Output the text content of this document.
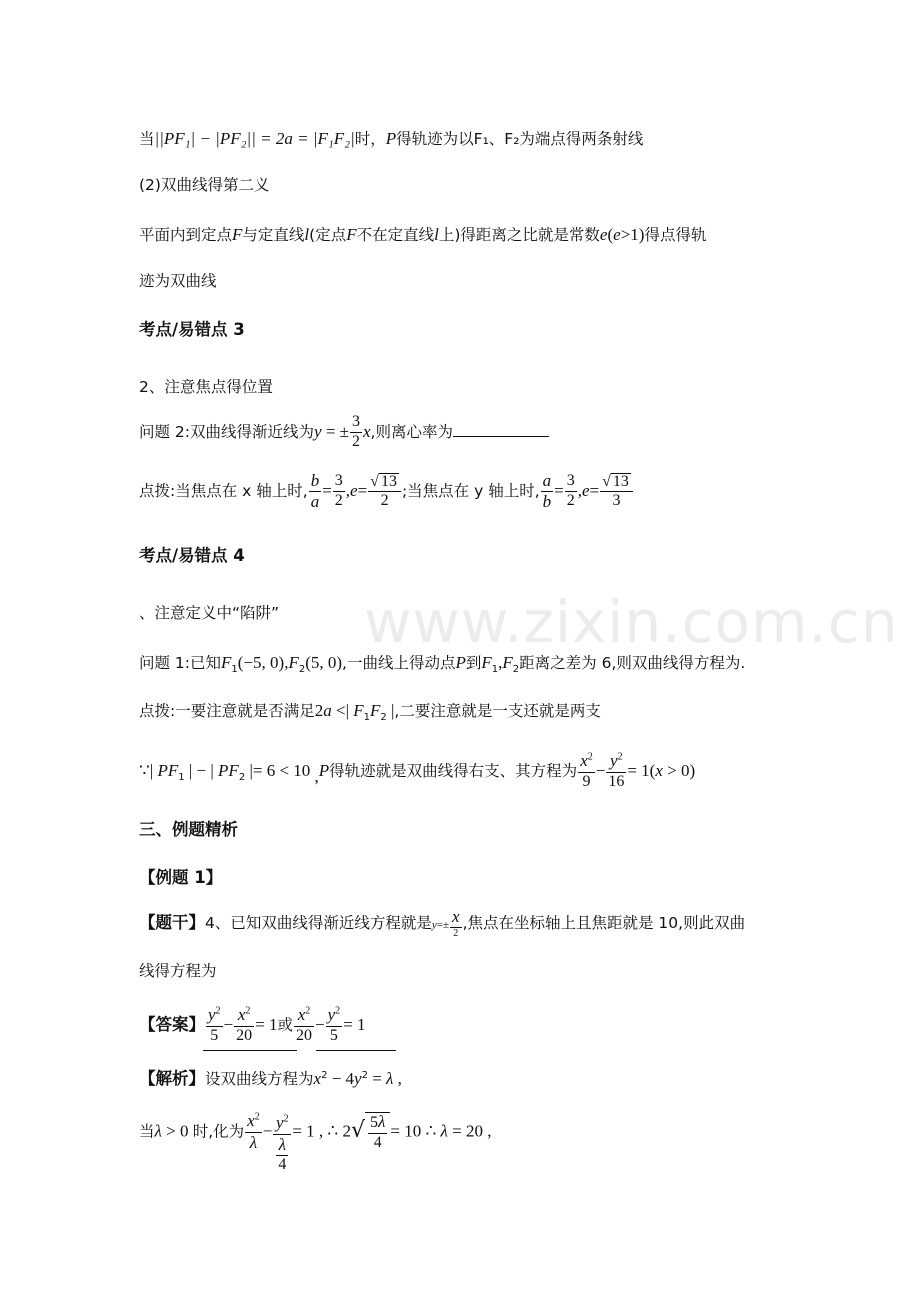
www.zixin.com.cn
当||PF₁| − |PF₂|| = 2a = |F₁F₂|时，P得轨迹为以F₁、F₂为端点得两条射线
(2)双曲线得第二义
平面内到定点F与定直线l(定点F不在定直线l上)得距离之比就是常数e(e>1)得点得轨
迹为双曲线
考点/易错点 3
2、注意焦点得位置
问题 2:双曲线得渐近线为y = ± $\frac{3}{2} x$,则离心率为
点拨:当焦点在 x 轴上时, $\frac{b}{a} = \frac{3}{2} ,e= \frac{√ 13}{2}$ ;当焦点在 y 轴上时, $\frac{a}{b} = \frac{3}{2} ,e= \frac{√ 13}{3}$
考点/易错点 4
、注意定义中“陷阱”
问题 1:已知$F_1(-5$, $0),F_2(5$, 0),一曲线上得动点P到$F_1,F_2$距离之差为 6,则双曲线得方程为.
点拨:一要注意就是否满足2a <| $F_1F_2$ |,二要注意就是一支还就是两支
∵| $PF_1$ | − | $PF_2$ |= 6 < 10 ,P得轨迹就是双曲线得右支、其方程为 $\frac{x^2}{9} - \frac{y^2}{16} = 1(x > 0)$
三、例题精析
【例题 1】
【题干】4、已知双曲线得渐近线方程就是$y=\pm \frac{x}{2}$ ,焦点在坐标轴上且焦距就是 10,则此双曲
线得方程为
【答案】 $\frac{y^2}{5} - \frac{x^2}{20} = 1$或 $\frac{x^2}{20} - \frac{y^2}{5} = 1$
【解析】设双曲线方程为$x^2 - 4y^2 = \lambda$ ,
当λ > 0 时,化为 $\frac{x^2}{\lambda} - \frac{y^2}{\frac{\lambda}{4}} = 1$ , ∴ $2√ \frac{5\lambda}{4} = 10$ ∴ λ = 20 ,
